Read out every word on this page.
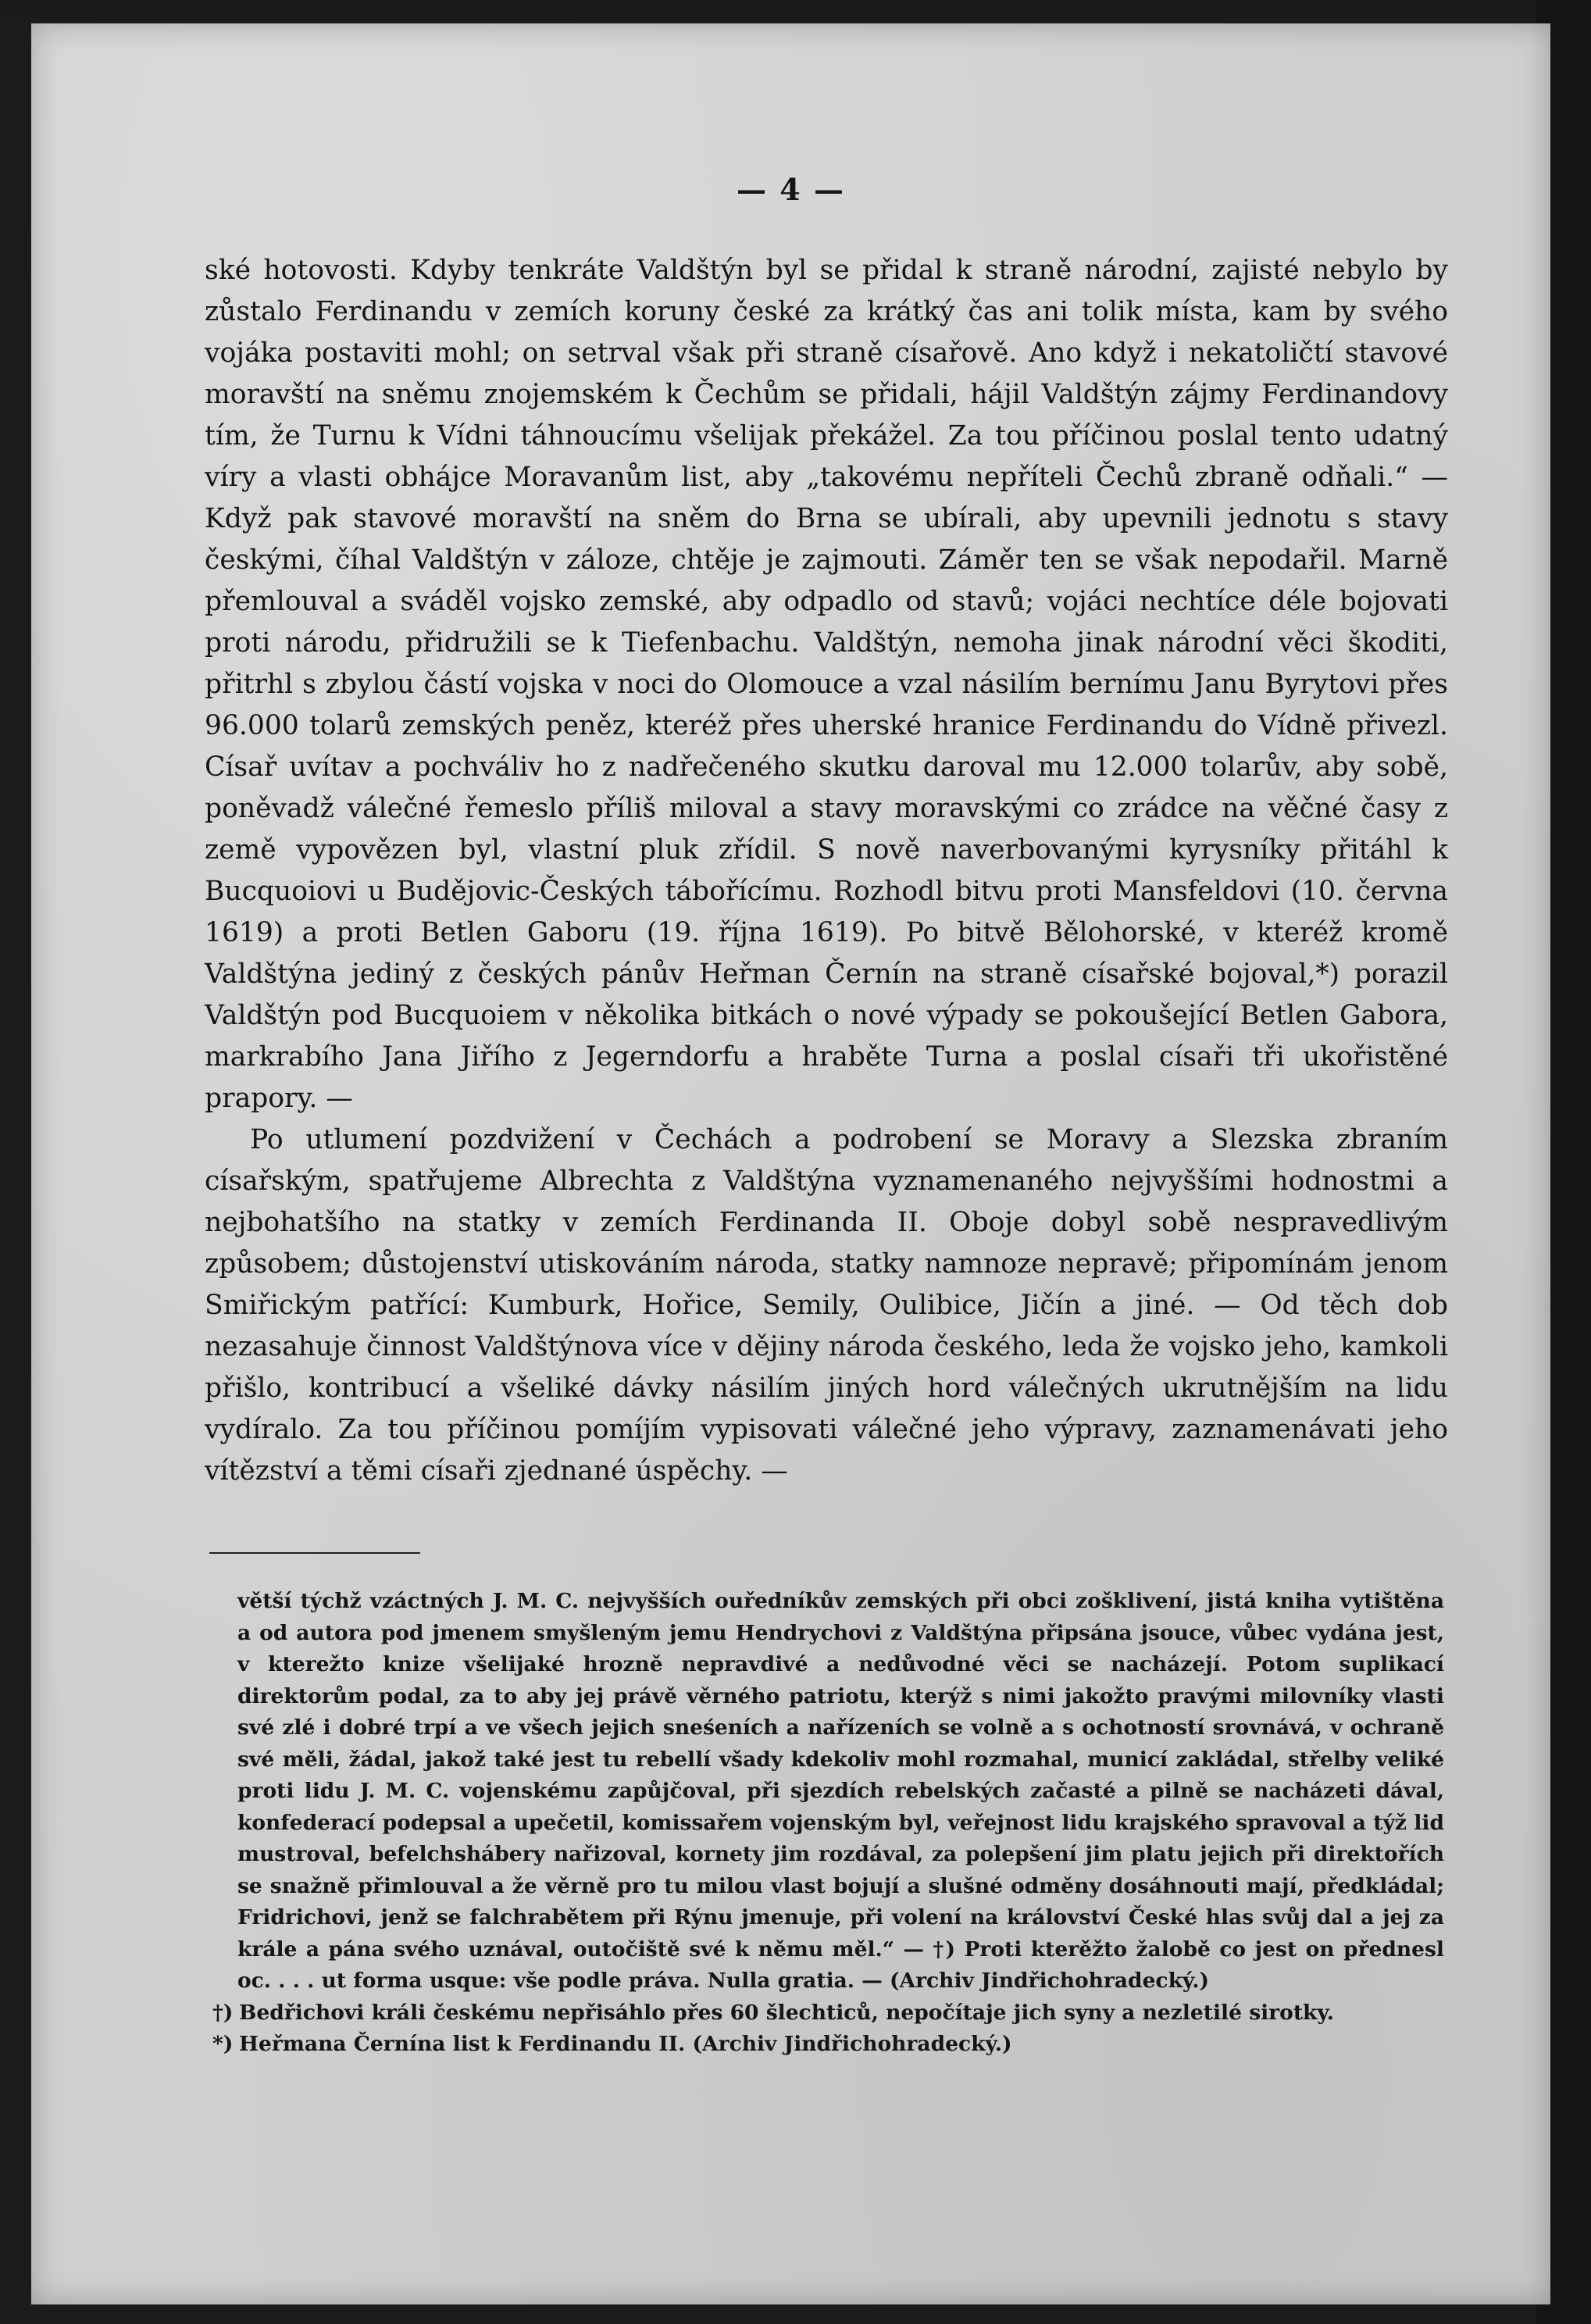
— 4 —

ské hotovosti. Kdyby tenkráte Valdštýn byl se přidal k straně národní, zajisté nebylo by zůstalo Ferdinandu v zemích koruny české za krátký čas ani tolik místa, kam by svého vojáka postaviti mohl; on setrval však při straně císařově. Ano když i nekatoličtí stavové moravští na sněmu znojemském k Čechům se přidali, hájil Valdštýn zájmy Ferdinandovy tím, že Turnu k Vídni táhnoucímu všelijak překážel. Za tou příčinou poslal tento udatný víry a vlasti obhájce Moravanům list, aby „takovému nepříteli Čechů zbraně odňali.“ — Když pak stavové moravští na sněm do Brna se ubírali, aby upevnili jednotu s stavy českými, číhal Valdštýn v záloze, chtěje je zajmouti. Záměr ten se však nepodařil. Marně přemlouval a sváděl vojsko zemské, aby odpadlo od stavů; vojáci nechtíce déle bojovati proti národu, přidružili se k Tiefenbachu. Valdštýn, nemoha jinak národní věci škoditi, přitrhl s zbylou částí vojska v noci do Olomouce a vzal násilím bernímu Janu Byrytovi přes 96.000 tolarů zemských peněz, kteréž přes uherské hranice Ferdinandu do Vídně přivezl. Císař uvítav a pochváliv ho z nadřečeného skutku daroval mu 12.000 tolarův, aby sobě, poněvadž válečné řemeslo příliš miloval a stavy moravskými co zrádce na věčné časy z země vypovězen byl, vlastní pluk zřídil. S nově naverbovanými kyrysníky přitáhl k Bucquoiovi u Budějovic-Českých tábořícímu. Rozhodl bitvu proti Mansfeldovi (10. června 1619) a proti Betlen Gaboru (19. října 1619). Po bitvě Bělohorské, v kteréž kromě Valdštýna jediný z českých pánův Heřman Černín na straně císařské bojoval,*) porazil Valdštýn pod Bucquoiem v několika bitkách o nové výpady se pokoušející Betlen Gabora, markrabího Jana Jiřího z Jegerndorfu a hraběte Turna a poslal císaři tři ukořistěné prapory. —

Po utlumení pozdvižení v Čechách a podrobení se Moravy a Slezska zbraním císařským, spatřujeme Albrechta z Valdštýna vyznamenaného nejvyššími hodnostmi a nejbohatšího na statky v zemích Ferdinanda II. Oboje dobyl sobě nespravedlivým způsobem; důstojenství utiskováním národa, statky namnoze nepravě; připomínám jenom Smiřickým patřící: Kumburk, Hořice, Semily, Oulibice, Jičín a jiné. — Od těch dob nezasahuje činnost Valdštýnova více v dějiny národa českého, leda že vojsko jeho, kamkoli přišlo, kontribucí a všeliké dávky násilím jiných hord válečných ukrutnějším na lidu vydíralo. Za tou příčinou pomíjím vypisovati válečné jeho výpravy, zaznamenávati jeho vítězství a těmi císaři zjednané úspěchy. —

větší týchž vzáctných J. M. C. nejvyšších ouředníkův zemských při obci zošklivení, jistá kniha vytištěna a od autora pod jmenem smyšleným jemu Hendrychovi z Valdštýna připsána jsouce, vůbec vydána jest, v kterežto knize všelijaké hrozně nepravdivé a nedůvodné věci se nacházejí. Potom suplikací direktorům podal, za to aby jej právě věrného patriotu, kterýž s nimi jakožto pravými milovníky vlasti své zlé i dobré trpí a ve všech jejich sneśeních a nařízeních se volně a s ochotností srovnává, v ochraně své měli, žádal, jakož také jest tu rebellí všady kdekoliv mohl rozmahal, municí zakládal, střelby veliké proti lidu J. M. C. vojenskému zapůjčoval, při sjezdích rebelských začasté a pilně se nacházeti dával, konfederací podepsal a upečetil, komissařem vojenským byl, veřejnost lidu krajského spravoval a týž lid mustroval, befelchshábery nařizoval, kornety jim rozdával, za polepšení jim platu jejich při direktořích se snažně přimlouval a že věrně pro tu milou vlast bojují a slušné odměny dosáhnouti mají, předkládal; Fridrichovi, jenž se falchrabětem při Rýnu jmenuje, při volení na království České hlas svůj dal a jej za krále a pána svého uznával, outočiště své k němu měl.“ — †) Proti kterěžto žalobě co jest on přednesl oc. . . . ut forma usque: vše podle práva. Nulla gratia. — (Archiv Jindřichohradecký.)

†) Bedřichovi králi českému nepřisáhlo přes 60 šlechticů, nepočítaje jich syny a nezletilé sirotky.

*) Heřmana Černína list k Ferdinandu II. (Archiv Jindřichohradecký.)
